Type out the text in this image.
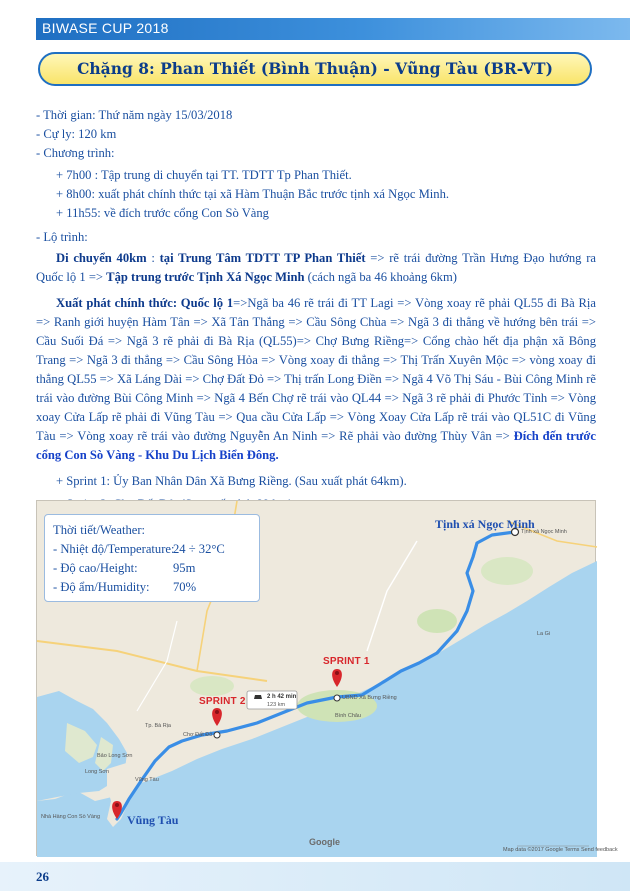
BIWASE CUP 2018
Chặng 8: Phan Thiết (Bình Thuận) - Vũng Tàu (BR-VT)
- Thời gian: Thứ năm ngày 15/03/2018
- Cự ly: 120 km
- Chương trình:
+ 7h00 : Tập trung di chuyển tại TT. TDTT Tp Phan Thiết.
+ 8h00: xuất phát chính thức tại xã Hàm Thuận Bắc trước tịnh xá Ngọc Minh.
+ 11h55: về đích trước cổng Con Sò Vàng
- Lộ trình:

Di chuyển 40km : tại Trung Tâm TDTT TP Phan Thiết => rẽ trái đường Trần Hưng Đạo hướng ra Quốc lộ 1 => Tập trung trước Tịnh Xá Ngọc Minh (cách ngã ba 46 khoảng 6km)

Xuất phát chính thức: Quốc lộ 1=>Ngã ba 46 rẽ trái đi TT Lagi => Vòng xoay rẽ phải QL55 đi Bà Rịa => Ranh giới huyện Hàm Tân => Xã Tân Thắng => Cầu Sông Chùa => Ngã 3 đi thẳng về hướng bên trái => Cầu Suối Đá => Ngã 3 rẽ phải đi Bà Rịa (QL55)=> Chợ Bưng Riềng=> Cổng chào hết địa phận xã Bông Trang => Ngã 3 đi thẳng => Cầu Sông Hỏa => Vòng xoay đi thẳng => Thị Trấn Xuyên Mộc => vòng xoay đi thẳng QL55 => Xã Láng Dài => Chợ Đất Đỏ => Thị trấn Long Điền => Ngã 4 Võ Thị Sáu - Bùi Công Minh rẽ trái vào đường Bùi Công Minh => Ngã 4 Bến Chợ rẽ trái vào QL44 => Ngã 3 rẽ phải đi Phước Tỉnh => Vòng xoay Cửa Lấp rẽ phải đi Vũng Tàu => Qua cầu Cửa Lấp => Vòng Xoay Cửa Lấp rẽ trái vào QL51C đi Vũng Tàu => Vòng xoay rẽ trái vào đường Nguyễn An Ninh => Rẽ phải vào đường Thùy Vân => Đích đến trước cổng Con Sò Vàng - Khu Du Lịch Biển Đông.

+ Sprint 1: Ủy Ban Nhân Dân Xã Bưng Riềng. (Sau xuất phát 64km).
2 h 42 min
123 km
Tịnh xá Ngọc Minh
Tịnh xá Ngọc Minh
SPRINT 1
UBND Xã Bưng Riềng
SPRINT 2
Chợ Đất Đỏ
Vũng Tàu
Nhà Hàng Con Sò Vàng
La Gi
Tp. Bà Rịa
Vũng Tàu
Bình Châu
Bảo Long Sơn
Long Sơn
Google
Map data ©2017 Google Terms Send feedback
Thời tiết/Weather:
- Nhiệt độ/Temperature:
24 ÷ 32°C
- Độ cao/Height:	95m
- Độ ẩm/Humidity:	70%
26
